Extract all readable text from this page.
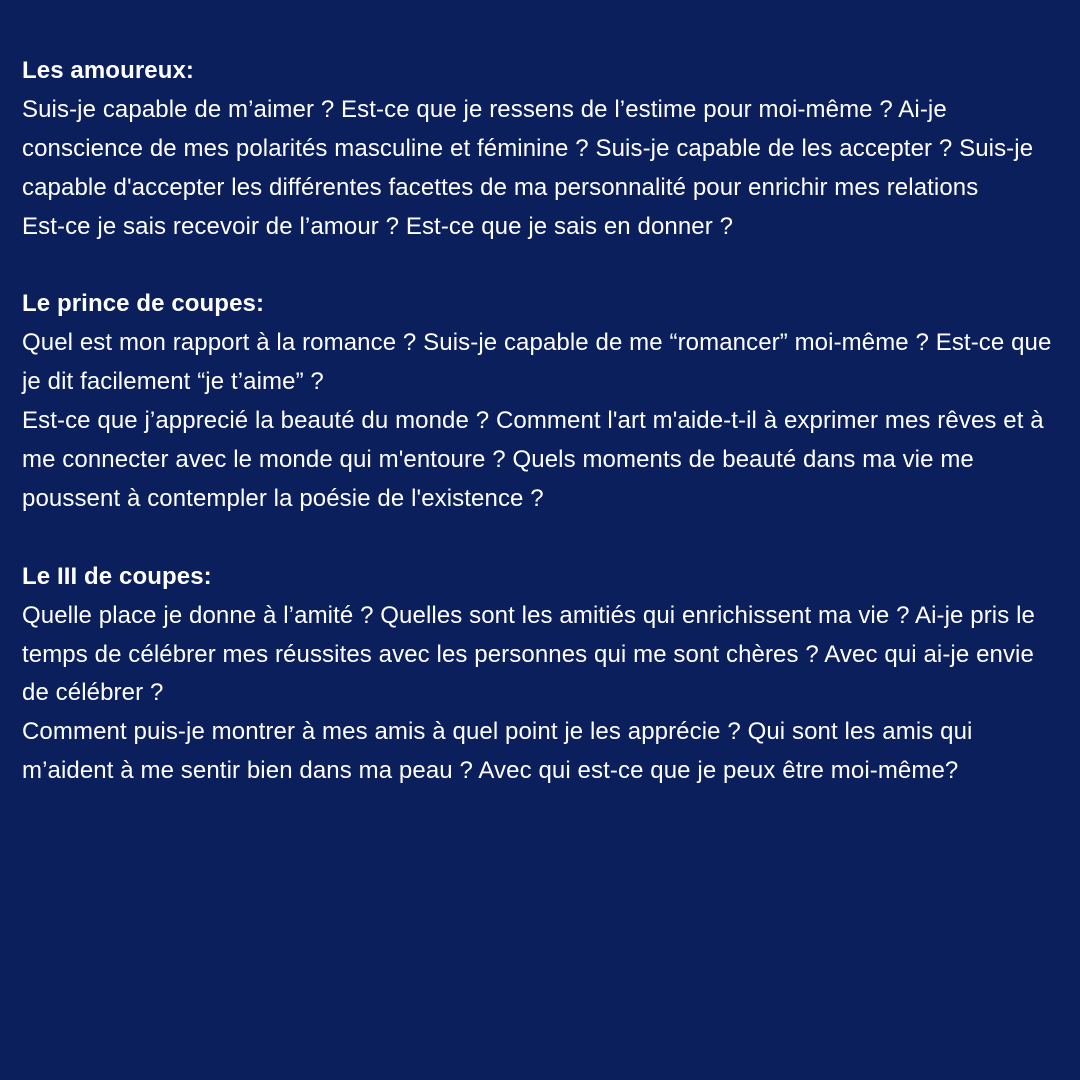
Les amoureux:
Suis-je capable de m’aimer ? Est-ce que je ressens de l’estime pour moi-même ? Ai-je conscience de mes polarités masculine et féminine ? Suis-je capable de les accepter ? Suis-je capable d'accepter les différentes facettes de ma personnalité pour enrichir mes relations
Est-ce je sais recevoir de l’amour ? Est-ce que je sais en donner ?
Le prince de coupes:
Quel est mon rapport à la romance ? Suis-je capable de me “romancer” moi-même ? Est-ce que je dit facilement “je t’aime” ?
Est-ce que j’apprecié la beauté du monde ? Comment l'art m'aide-t-il à exprimer mes rêves et à me connecter avec le monde qui m'entoure ? Quels moments de beauté dans ma vie me poussent à contempler la poésie de l'existence ?
Le III de coupes:
Quelle place je donne à l’amité ? Quelles sont les amitiés qui enrichissent ma vie ? Ai-je pris le temps de célébrer mes réussites avec les personnes qui me sont chères ? Avec qui ai-je envie de célébrer ?
Comment puis-je montrer à mes amis à quel point je les apprécie ? Qui sont les amis qui m’aident à me sentir bien dans ma peau ? Avec qui est-ce que je peux être moi-même?
